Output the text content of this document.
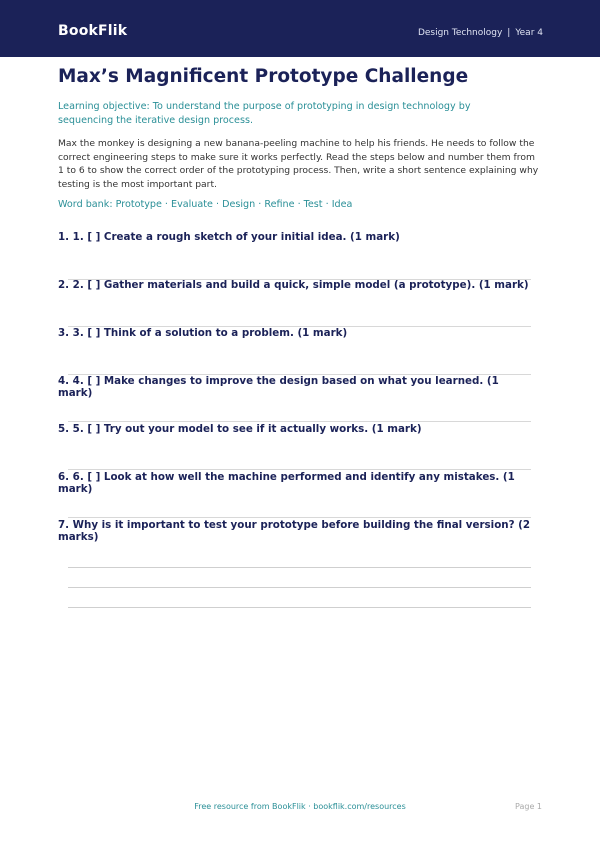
BookFlik	Design Technology | Year 4
Max’s Magnificent Prototype Challenge
Learning objective: To understand the purpose of prototyping in design technology by sequencing the iterative design process.
Max the monkey is designing a new banana-peeling machine to help his friends. He needs to follow the correct engineering steps to make sure it works perfectly. Read the steps below and number them from 1 to 6 to show the correct order of the prototyping process. Then, write a short sentence explaining why testing is the most important part.
Word bank: Prototype · Evaluate · Design · Refine · Test · Idea
1. 1. [ ] Create a rough sketch of your initial idea. (1 mark)
2. 2. [ ] Gather materials and build a quick, simple model (a prototype). (1 mark)
3. 3. [ ] Think of a solution to a problem. (1 mark)
4. 4. [ ] Make changes to improve the design based on what you learned. (1 mark)
5. 5. [ ] Try out your model to see if it actually works. (1 mark)
6. 6. [ ] Look at how well the machine performed and identify any mistakes. (1 mark)
7. Why is it important to test your prototype before building the final version? (2 marks)
Free resource from BookFlik · bookflik.com/resources	Page 1
